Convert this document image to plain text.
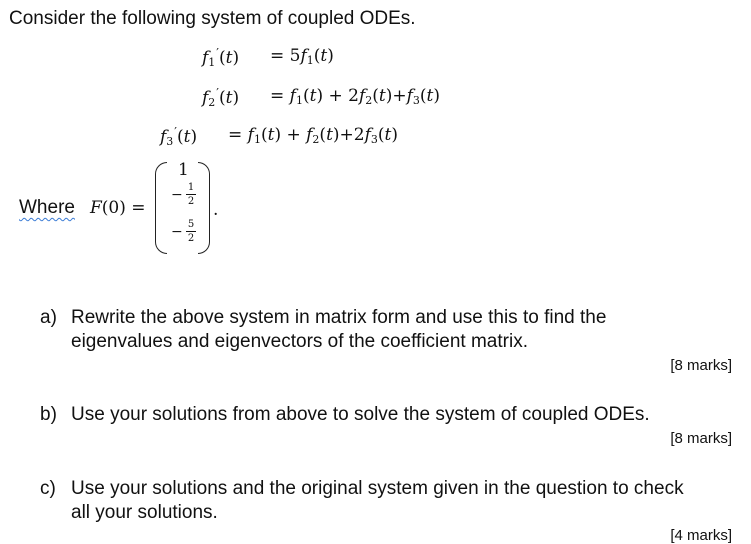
Consider the following system of coupled ODEs.
$f_1'(t) = 5f_1(t)$
$f_2'(t) = f_1(t) + 2f_2(t)+f_3(t)$
$f_3'(t) = f_1(t) + f_2(t)+2f_3(t)$
Where F(0) =
1
− 1
2
− 5
2
.
a) Rewrite the above system in matrix form and use this to find the
eigenvalues and eigenvectors of the coefficient matrix.
[8 marks]
b) Use your solutions from above to solve the system of coupled ODEs.
[8 marks]
c) Use your solutions and the original system given in the question to check
all your solutions.
[4 marks]
